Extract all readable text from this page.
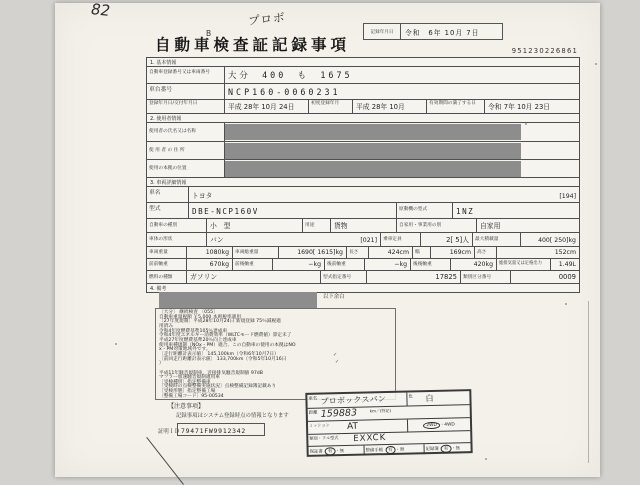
82
B
プロボ
記録年月日	令和　6年 10月 7日
951230226861
自動車検査証記録事項
1. 基本情報
自動車登録番号又は車両番号	大分　400　も　1675
車台番号	NCP160-0060231
登録年月日/交付年月日	平成 28年 10月 24日	初度登録年月	平成 28年 10月	有効期間の満了する日	令和 7年 10月 23日
2. 使用者情報
使用者の氏名又は名称
使 用 者 の 住 所
使用の本拠の位置
3. 車両詳細情報
車名	トヨタ	[194]
型式	DBE-NCP160V	原動機の型式	1NZ
自動車の種別	小　型	用途	貨物	自家用・事業用の別	自家用
車体の形状	バン	[021]	乗車定員	2[ 5]人	最大積載量	400[ 250]kg
車両重量	1080kg	車両総重量	1690[ 1615]kg	長さ	424cm	幅	169cm	高さ	152cm
前前軸重	670kg	前後軸重	−kg	後前軸重	−kg	後後軸重	420kg	総排気量又は定格出力	1.49L
燃料の種類	ガソリン	型式指定番号	17825	類別区分番号	0009
4. 備考
以下余白
〔大分〕 継続検査 〔055〕
自動車重量税額 ￥5,000 本則税率適用
〔27年度規制〕平成28年10月24日 新規登録 75％減税適
用済み
令和4年度燃費基準105％達成車
令和4年度エネルギー消費効率（WLTCモード燃費値）算定未了
平成27年度燃費基準20％向上達成車
使用車種規制（NOx・PM）適合、この自動車の使用の本拠はNO
x・PM対策地域外です。
〔走行距離計表示値〕 145,100km（令和6年10月7日）
〔前回走行距離計表示値〕 133,700km（令和5年10月16日
）
平成11年騒音規制車、近接排気騒音規制値 97dB
マフラー加速騒音規制適用車
〔受検種別〕指定整備車
〔受検時の点検整備実施状況〕点検整備記録簿記載あり
〔受検形態〕指定整備工場
〔整備工場コード〕95-00534
✓
✓
【注意事項】
記録事項はシステム登録時点の情報となります
証明ＩＤ 79471FW9912342
車名 プロボックスバン	色 白
距離 159883	km／(特記)
ミッション AT	2WD ・ 4WD
類別・フル型式 EXXCK
保証書	有 ・ 無	整備手帳	有 ・ 無	記録簿	有 ・ 無
